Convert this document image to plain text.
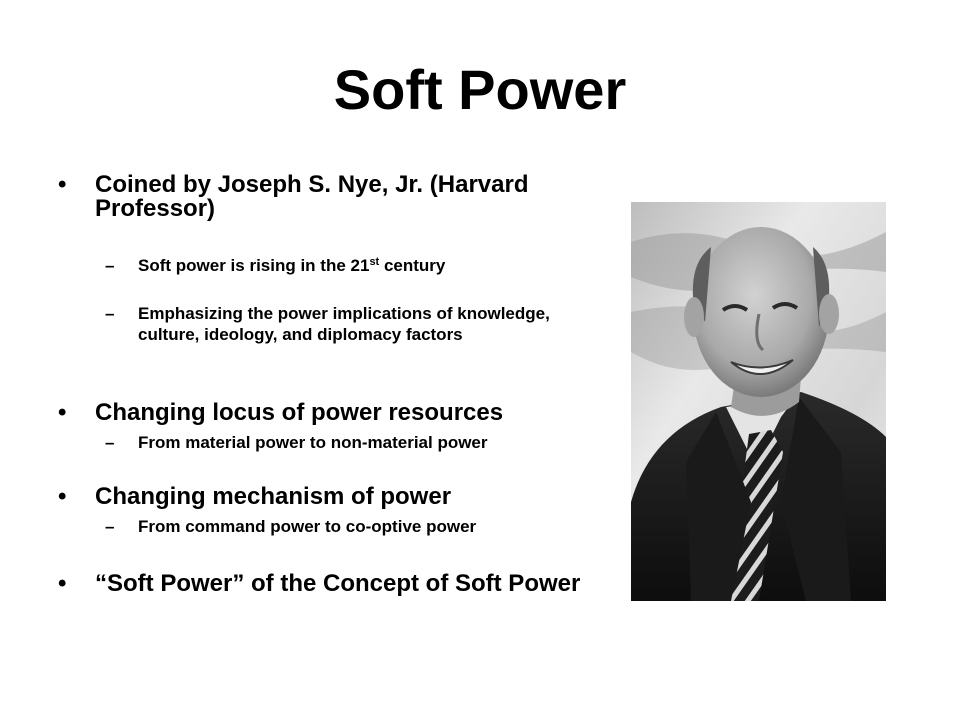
Soft Power
•	Coined by Joseph S. Nye, Jr. (Harvard Professor)
– Soft power is rising in the 21st century
– Emphasizing the power implications of knowledge, culture, ideology, and diplomacy factors
•	Changing locus of power resources
– From material power to non-material power
•	Changing mechanism of power
– From command power to co-optive power
•	“Soft Power” of the Concept of Soft Power
